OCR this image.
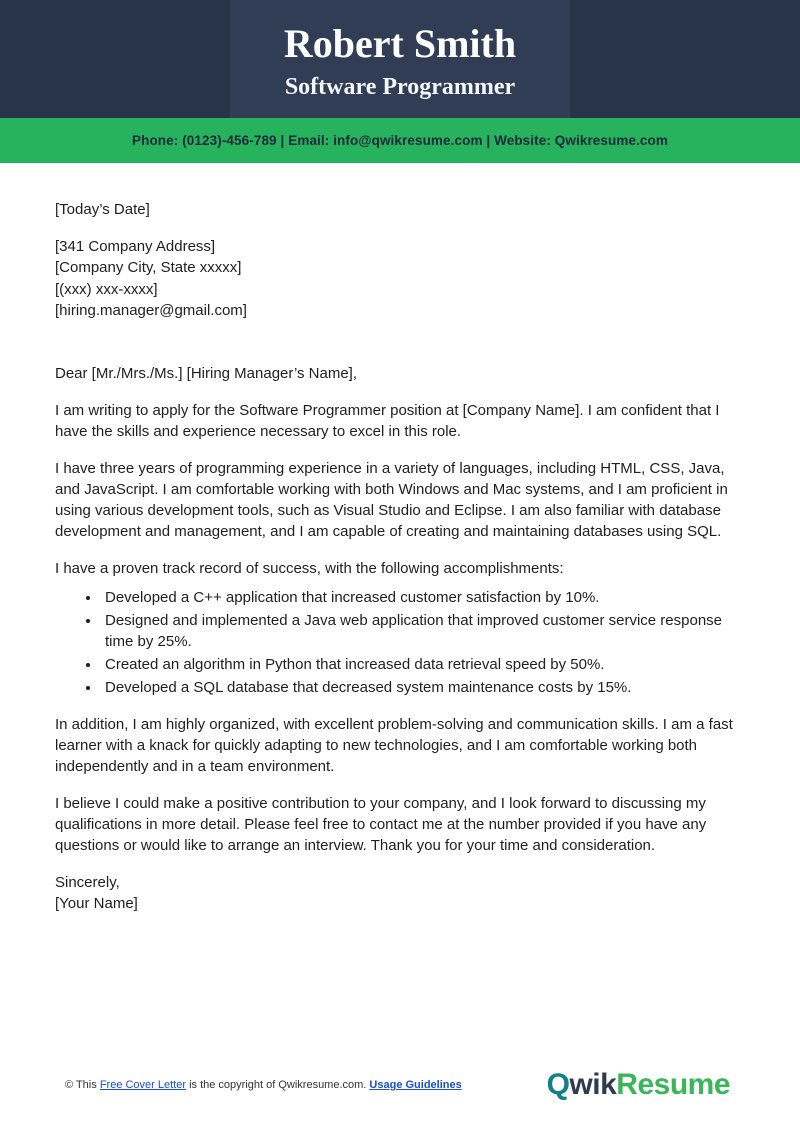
Robert Smith
Software Programmer
Phone: (0123)-456-789 | Email: info@qwikresume.com | Website: Qwikresume.com
[Today’s Date]
[341 Company Address]
[Company City, State xxxxx]
[(xxx) xxx-xxxx]
[hiring.manager@gmail.com]
Dear [Mr./Mrs./Ms.] [Hiring Manager’s Name],

I am writing to apply for the Software Programmer position at [Company Name]. I am confident that I have the skills and experience necessary to excel in this role.

I have three years of programming experience in a variety of languages, including HTML, CSS, Java, and JavaScript. I am comfortable working with both Windows and Mac systems, and I am proficient in using various development tools, such as Visual Studio and Eclipse. I am also familiar with database development and management, and I am capable of creating and maintaining databases using SQL.

I have a proven track record of success, with the following accomplishments:

• Developed a C++ application that increased customer satisfaction by 10%.
• Designed and implemented a Java web application that improved customer service response time by 25%.
• Created an algorithm in Python that increased data retrieval speed by 50%.
• Developed a SQL database that decreased system maintenance costs by 15%.

In addition, I am highly organized, with excellent problem-solving and communication skills. I am a fast learner with a knack for quickly adapting to new technologies, and I am comfortable working both independently and in a team environment.

I believe I could make a positive contribution to your company, and I look forward to discussing my qualifications in more detail. Please feel free to contact me at the number provided if you have any questions or would like to arrange an interview. Thank you for your time and consideration.

Sincerely,
[Your Name]
© This Free Cover Letter is the copyright of Qwikresume.com. Usage Guidelines	QwikResume
